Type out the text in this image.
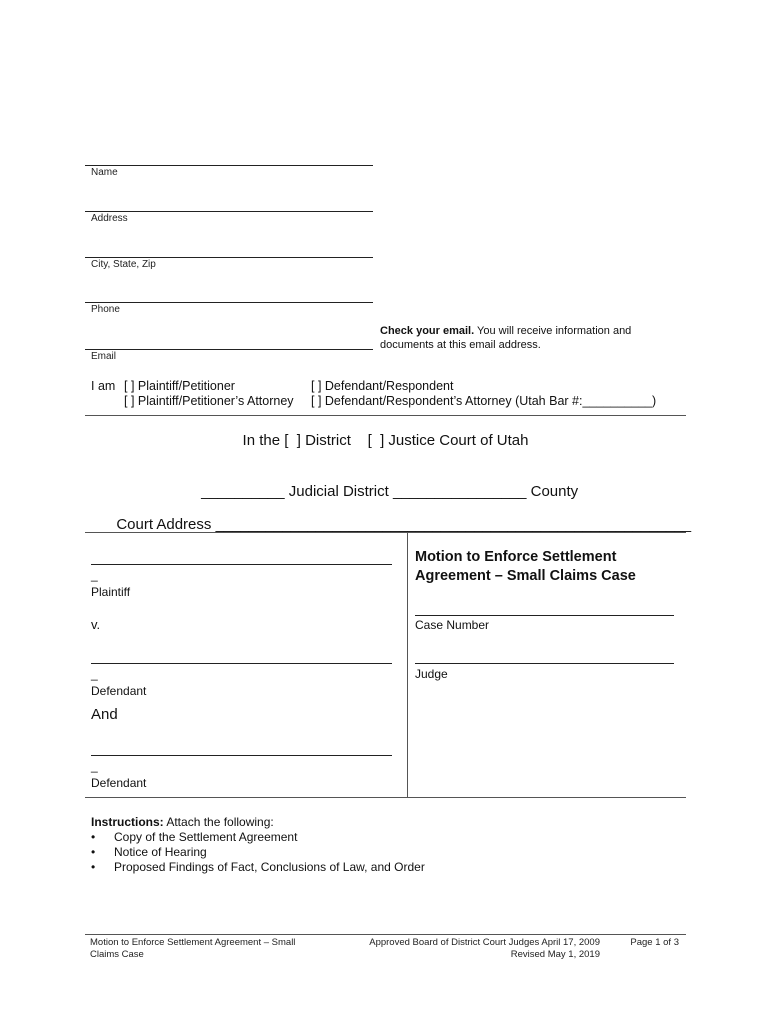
Name
Address
City, State, Zip
Phone
Check your email. You will receive information and
documents at this email address.
Email
I am [ ] Plaintiff/Petitioner	[ ] Defendant/Respondent
[ ] Plaintiff/Petitioner’s Attorney [ ] Defendant/Respondent’s Attorney (Utah Bar #:__________)
In the [  ] District    [  ] Justice Court of Utah

__________ Judicial District ________________ County

Court Address _________________________________________________________

_
Plaintiff
v.
_
Defendant
And
_
Defendant
Motion to Enforce Settlement
Agreement – Small Claims Case
Case Number
Judge
Instructions: Attach the following:
• Copy of the Settlement Agreement
• Notice of Hearing
• Proposed Findings of Fact, Conclusions of Law, and Order
Motion to Enforce Settlement Agreement – Small
Claims Case
Approved Board of District Court Judges April 17, 2009
Revised May 1, 2019
Page 1 of 3
